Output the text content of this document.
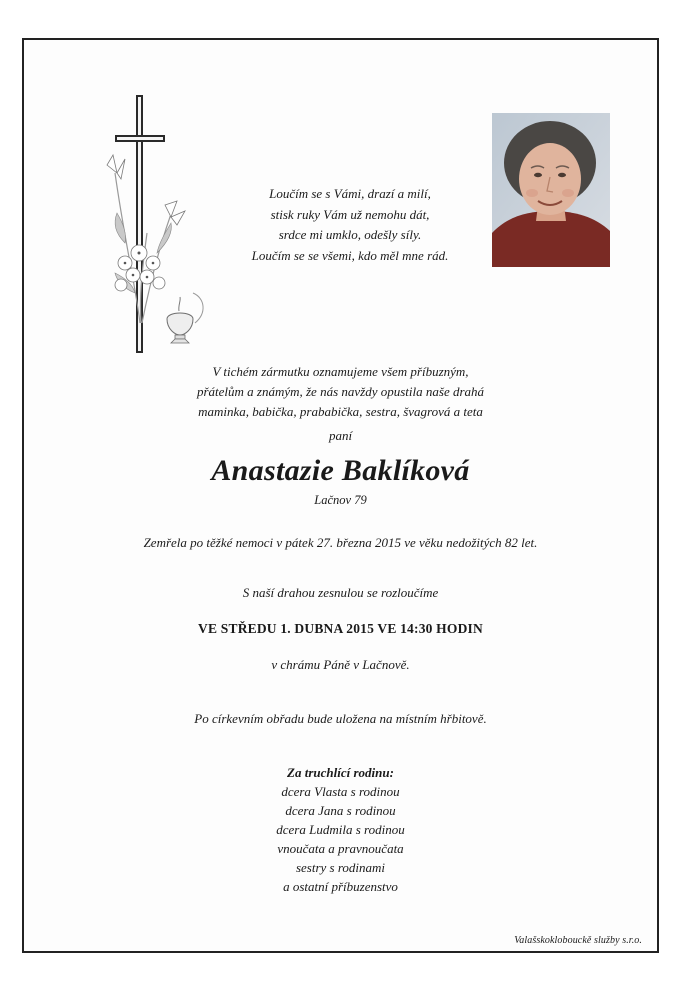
Loučím se s Vámi, drazí a milí,
stisk ruky Vám už nemohu dát,
srdce mi umklo, odešly síly.
Loučím se se všemi, kdo měl mne rád.
V tichém zármutku oznamujeme všem příbuzným,
přátelům a známým, že nás navždy opustila naše drahá
maminka, babička, prababička, sestra, švagrová a teta
paní
Anastazie Baklíková
Lačnov 79
Zemřela po těžké nemoci v pátek 27. března 2015 ve věku nedožitých 82 let.
S naší drahou zesnulou se rozloučíme
VE STŘEDU 1. DUBNA 2015 VE 14:30 HODIN
v chrámu Páně v Lačnově.
Po církevním obřadu bude uložena na místním hřbitově.
Za truchlící rodinu:
dcera Vlasta s rodinou
dcera Jana s rodinou
dcera Ludmila s rodinou
vnoučata a pravnoučata
sestry s rodinami
a ostatní příbuzenstvo
Valašskoklobouckě služby s.r.o.
